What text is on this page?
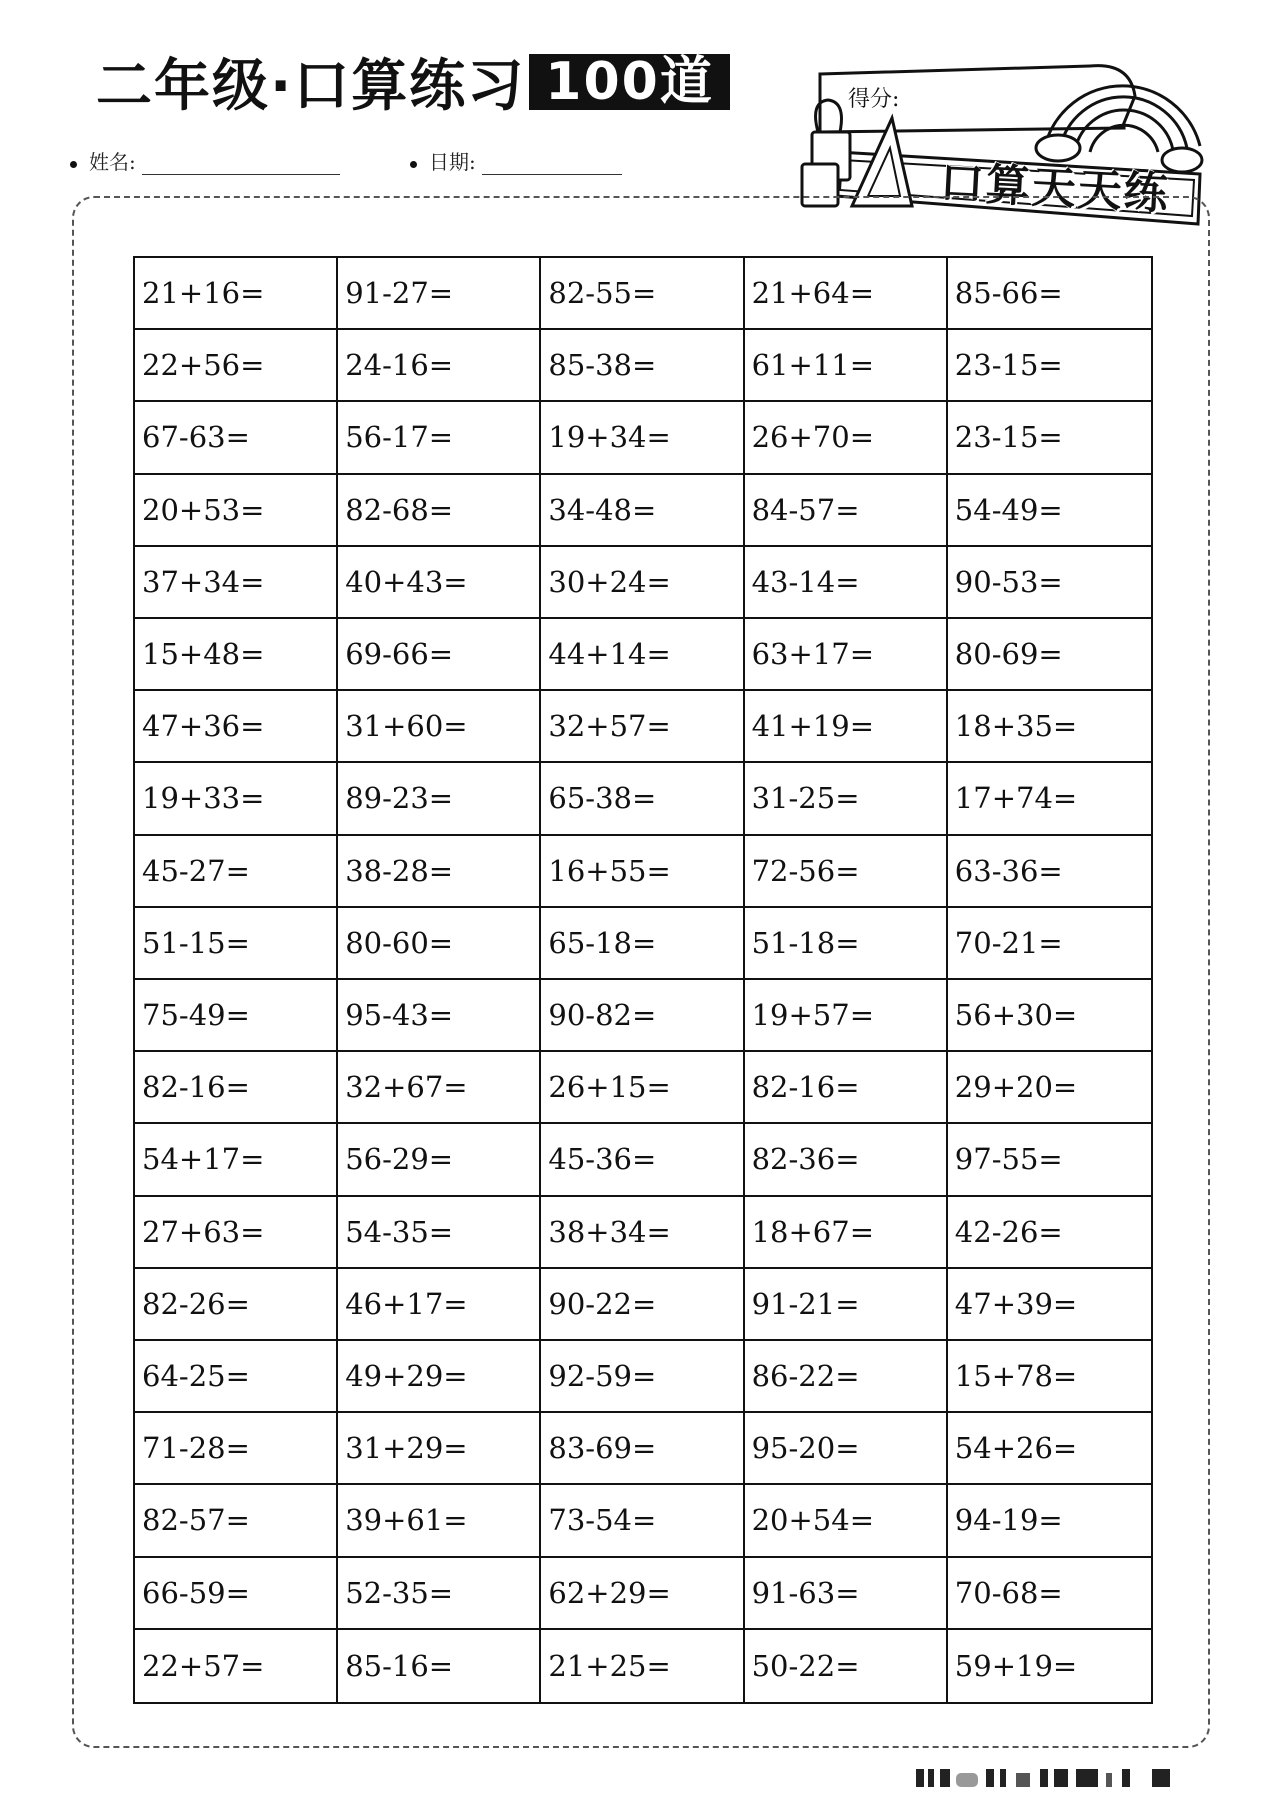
二年级·口算练习 100道
姓名:	日期:
得分:
口算天天练
21+16=	91-27=	82-55=	21+64=	85-66=
22+56=	24-16=	85-38=	61+11=	23-15=
67-63=	56-17=	19+34=	26+70=	23-15=
20+53=	82-68=	34-48=	84-57=	54-49=
37+34=	40+43=	30+24=	43-14=	90-53=
15+48=	69-66=	44+14=	63+17=	80-69=
47+36=	31+60=	32+57=	41+19=	18+35=
19+33=	89-23=	65-38=	31-25=	17+74=
45-27=	38-28=	16+55=	72-56=	63-36=
51-15=	80-60=	65-18=	51-18=	70-21=
75-49=	95-43=	90-82=	19+57=	56+30=
82-16=	32+67=	26+15=	82-16=	29+20=
54+17=	56-29=	45-36=	82-36=	97-55=
27+63=	54-35=	38+34=	18+67=	42-26=
82-26=	46+17=	90-22=	91-21=	47+39=
64-25=	49+29=	92-59=	86-22=	15+78=
71-28=	31+29=	83-69=	95-20=	54+26=
82-57=	39+61=	73-54=	20+54=	94-19=
66-59=	52-35=	62+29=	91-63=	70-68=
22+57=	85-16=	21+25=	50-22=	59+19=
